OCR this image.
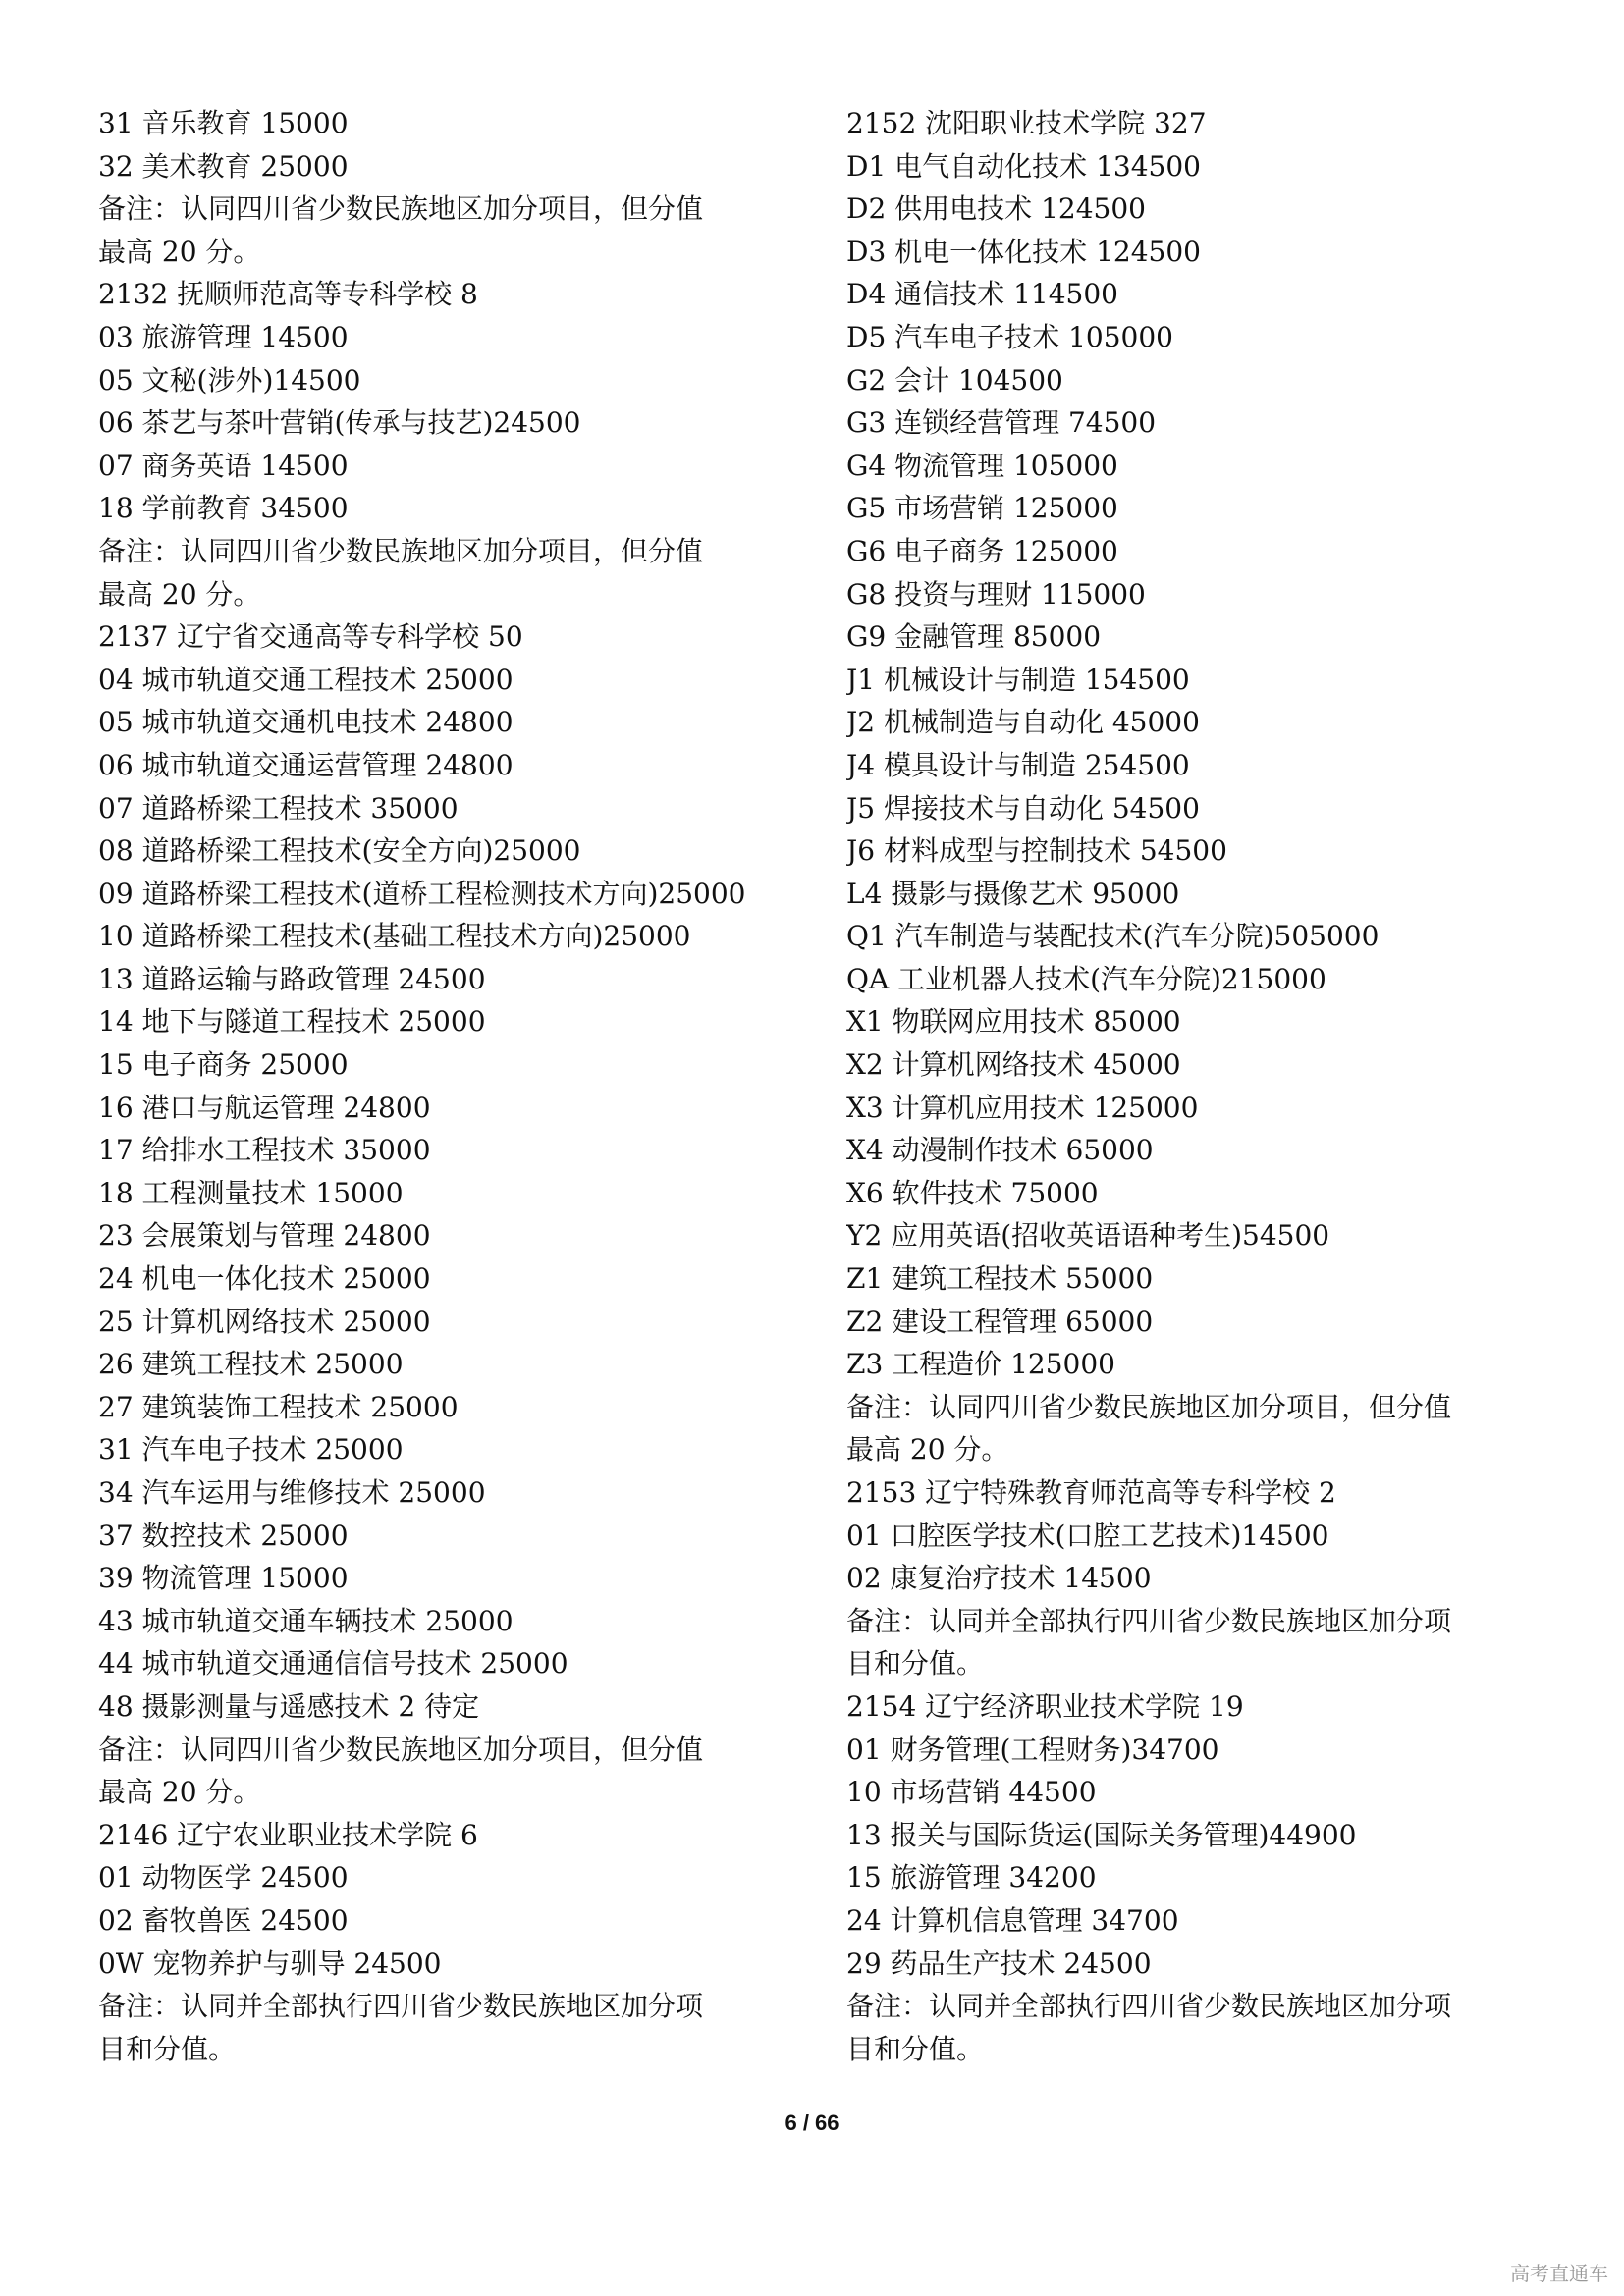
31 音乐教育 15000
32 美术教育 25000
备注：认同四川省少数民族地区加分项目，但分值
最高 20 分。
2132 抚顺师范高等专科学校 8
03 旅游管理 14500
05 文秘(涉外)14500
06 茶艺与茶叶营销(传承与技艺)24500
07 商务英语 14500
18 学前教育 34500
备注：认同四川省少数民族地区加分项目，但分值
最高 20 分。
2137 辽宁省交通高等专科学校 50
04 城市轨道交通工程技术 25000
05 城市轨道交通机电技术 24800
06 城市轨道交通运营管理 24800
07 道路桥梁工程技术 35000
08 道路桥梁工程技术(安全方向)25000
09 道路桥梁工程技术(道桥工程检测技术方向)25000
10 道路桥梁工程技术(基础工程技术方向)25000
13 道路运输与路政管理 24500
14 地下与隧道工程技术 25000
15 电子商务 25000
16 港口与航运管理 24800
17 给排水工程技术 35000
18 工程测量技术 15000
23 会展策划与管理 24800
24 机电一体化技术 25000
25 计算机网络技术 25000
26 建筑工程技术 25000
27 建筑装饰工程技术 25000
31 汽车电子技术 25000
34 汽车运用与维修技术 25000
37 数控技术 25000
39 物流管理 15000
43 城市轨道交通车辆技术 25000
44 城市轨道交通通信信号技术 25000
48 摄影测量与遥感技术 2 待定
备注：认同四川省少数民族地区加分项目，但分值
最高 20 分。
2146 辽宁农业职业技术学院 6
01 动物医学 24500
02 畜牧兽医 24500
0W 宠物养护与驯导 24500
备注：认同并全部执行四川省少数民族地区加分项
目和分值。
2152 沈阳职业技术学院 327
D1 电气自动化技术 134500
D2 供用电技术 124500
D3 机电一体化技术 124500
D4 通信技术 114500
D5 汽车电子技术 105000
G2 会计 104500
G3 连锁经营管理 74500
G4 物流管理 105000
G5 市场营销 125000
G6 电子商务 125000
G8 投资与理财 115000
G9 金融管理 85000
J1 机械设计与制造 154500
J2 机械制造与自动化 45000
J4 模具设计与制造 254500
J5 焊接技术与自动化 54500
J6 材料成型与控制技术 54500
L4 摄影与摄像艺术 95000
Q1 汽车制造与装配技术(汽车分院)505000
QA 工业机器人技术(汽车分院)215000
X1 物联网应用技术 85000
X2 计算机网络技术 45000
X3 计算机应用技术 125000
X4 动漫制作技术 65000
X6 软件技术 75000
Y2 应用英语(招收英语语种考生)54500
Z1 建筑工程技术 55000
Z2 建设工程管理 65000
Z3 工程造价 125000
备注：认同四川省少数民族地区加分项目，但分值
最高 20 分。
2153 辽宁特殊教育师范高等专科学校 2
01 口腔医学技术(口腔工艺技术)14500
02 康复治疗技术 14500
备注：认同并全部执行四川省少数民族地区加分项
目和分值。
2154 辽宁经济职业技术学院 19
01 财务管理(工程财务)34700
10 市场营销 44500
13 报关与国际货运(国际关务管理)44900
15 旅游管理 34200
24 计算机信息管理 34700
29 药品生产技术 24500
备注：认同并全部执行四川省少数民族地区加分项
目和分值。
6 / 66
高考直通车
